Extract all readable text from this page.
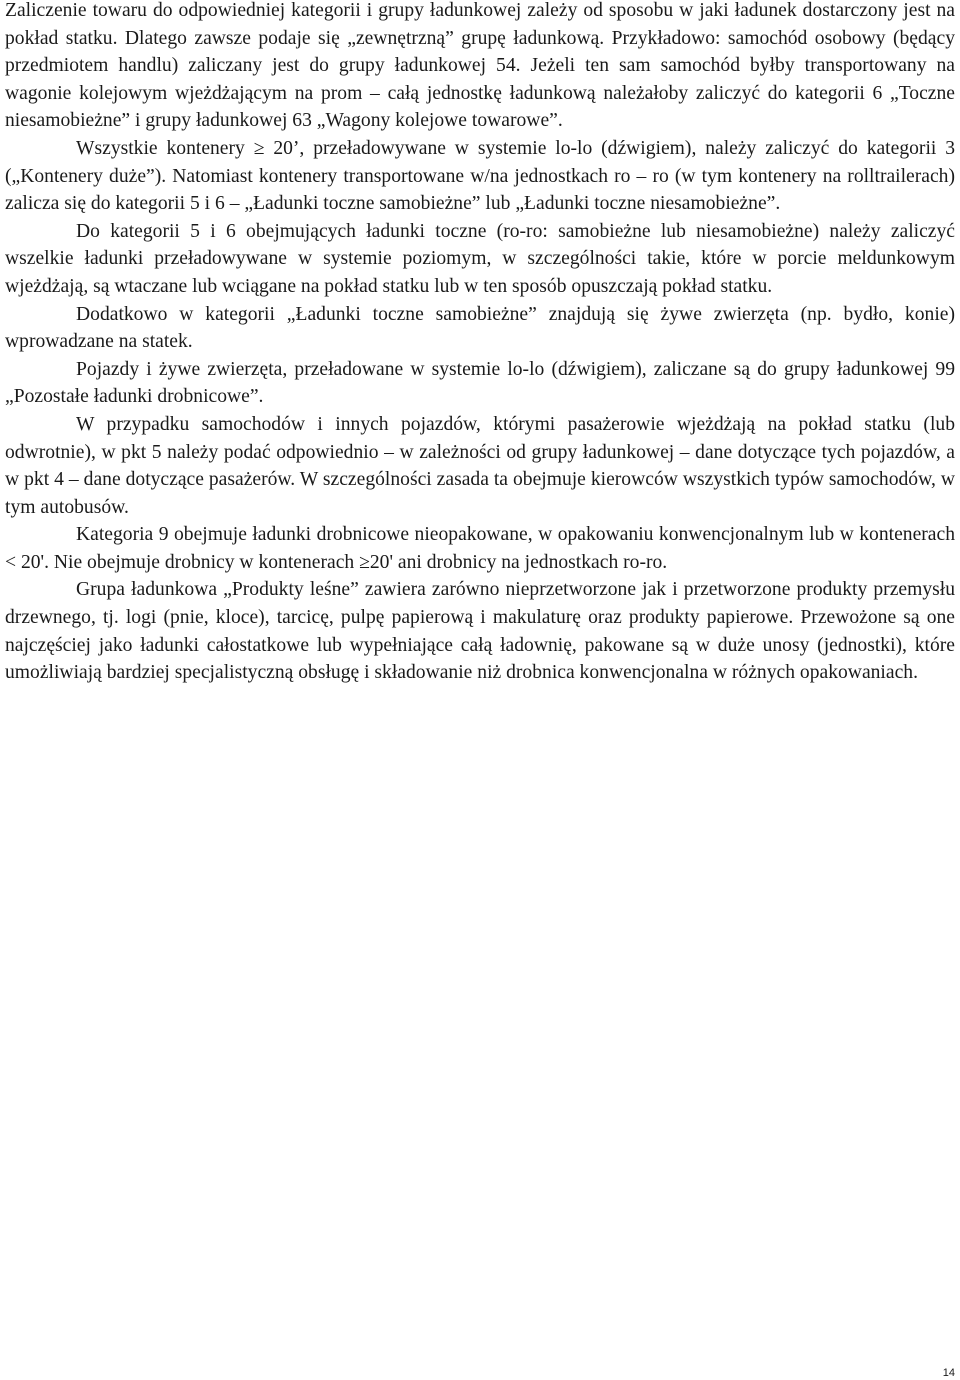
Zaliczenie towaru do odpowiedniej kategorii i grupy ładunkowej zależy od sposobu w jaki ładunek dostarczony jest na pokład statku. Dlatego zawsze podaje się „zewnętrzną” grupę ładunkową. Przykładowo: samochód osobowy (będący przedmiotem handlu) zaliczany jest do grupy ładunkowej 54. Jeżeli ten sam samochód byłby transportowany na wagonie kolejowym wjeżdżającym na prom – całą jednostkę ładunkową należałoby zaliczyć do kategorii 6 „Toczne niesamobieżne” i grupy ładunkowej 63 „Wagony kolejowe towarowe”.

Wszystkie kontenery ≥ 20’, przeładowywane w systemie lo-lo (dźwigiem), należy zaliczyć do kategorii 3 („Kontenery duże”). Natomiast kontenery transportowane w/na jednostkach ro – ro (w tym kontenery na rolltrailerach) zalicza się do kategorii 5 i 6 – „Ładunki toczne samobieżne” lub „Ładunki toczne niesamobieżne”.

Do kategorii 5 i 6 obejmujących ładunki toczne (ro-ro: samobieżne lub niesamobieżne) należy zaliczyć wszelkie ładunki przeładowywane w systemie poziomym, w szczególności takie, które w porcie meldunkowym wjeżdżają, są wtaczane lub wciągane na pokład statku lub w ten sposób opuszczają pokład statku.

Dodatkowo w kategorii „Ładunki toczne samobieżne” znajdują się żywe zwierzęta (np. bydło, konie) wprowadzane na statek.

Pojazdy i żywe zwierzęta, przeładowane w systemie lo-lo (dźwigiem), zaliczane są do grupy ładunkowej 99 „Pozostałe ładunki drobnicowe”.

W przypadku samochodów i innych pojazdów, którymi pasażerowie wjeżdżają na pokład statku (lub odwrotnie), w pkt 5 należy podać odpowiednio – w zależności od grupy ładunkowej – dane dotyczące tych pojazdów, a w pkt 4 – dane dotyczące pasażerów. W szczególności zasada ta obejmuje kierowców wszystkich typów samochodów, w tym autobusów.

Kategoria 9 obejmuje ładunki drobnicowe nieopakowane, w opakowaniu konwencjonalnym lub w kontenerach < 20'. Nie obejmuje drobnicy w kontenerach ≥20' ani drobnicy na jednostkach ro-ro.

Grupa ładunkowa „Produkty leśne” zawiera zarówno nieprzetworzone jak i przetworzone produkty przemysłu drzewnego, tj. logi (pnie, kloce), tarcicę, pulpę papierową i makulaturę oraz produkty papierowe. Przewożone są one najczęściej jako ładunki całostatkowe lub wypełniające całą ładownię, pakowane są w duże unosy (jednostki), które umożliwiają bardziej specjalistyczną obsługę i składowanie niż drobnica konwencjonalna w różnych opakowaniach.

14
